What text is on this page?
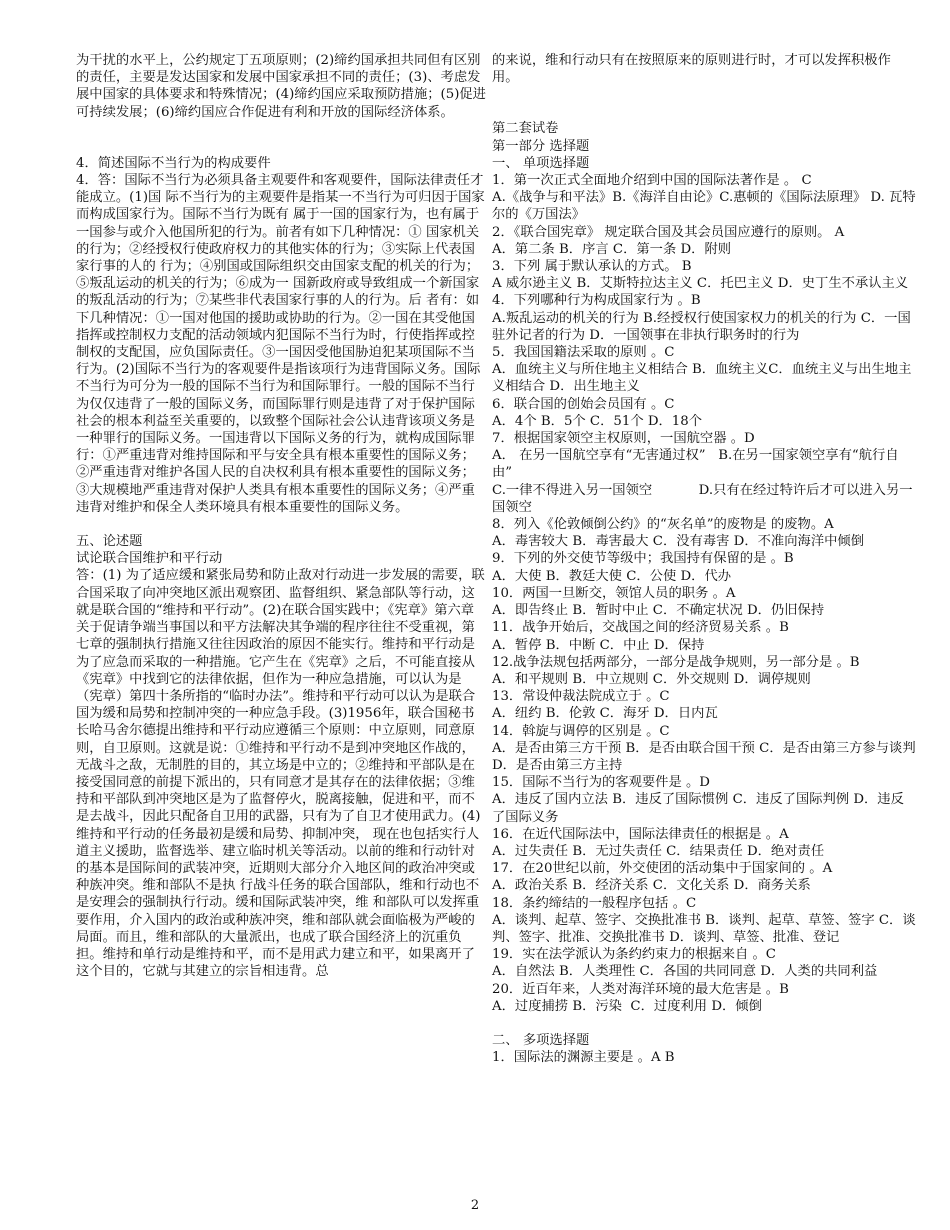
为干扰的水平上，公约规定丁五项原则；(2)缔约国承担共同但有区别的责任，主要是发达国家和发展中国家承担不同的责任；(3)、考虑发展中国家的具体要求和特殊情况；(4)缔约国应采取预防措施；(5)促进可持续发展；(6)缔约国应合作促进有利和开放的国际经济体系。

4．简述国际不当行为的构成要件

4．答：国际不当行为必须具备主观要件和客观要件，国际法律责任才能成立。(1)国 际不当行为的主观要件是指某一不当行为可归因于国家而构成国家行为。国际不当行为既有 属于一国的国家行为，也有属于一国参与或介入他国所犯的行为。前者有如下几种情况：① 国家机关的行为；②经授权行使政府权力的其他实体的行为；③实际上代表国家行事的人的 行为；④别国或国际组织交由国家支配的机关的行为；⑤叛乱运动的机关的行为；⑥成为一 国新政府或导致组成一个新国家的叛乱活动的行为；⑦某些非代表国家行事的人的行为。后 者有：如下几种情况：①一国对他国的援助或协助的行为。②一国在其受他国指挥或控制权力支配的活动领域内犯国际不当行为时，行使指挥或控制权的支配国，应负国际责任。③一国因受他国胁迫犯某项国际不当行为。(2)国际不当行为的客观要件是指该项行为违背国际义务。国际不当行为可分为一般的国际不当行为和国际罪行。一般的国际不当行为仅仅违背了一般的国际义务，而国际罪行则是违背了对于保护国际社会的根本利益至关重要的，以致整个国际社会公认违背该项义务是一种罪行的国际义务。一国违背以下国际义务的行为，就构成国际罪行：①严重违背对维持国际和平与安全具有根本重要性的国际义务；②严重违背对维护各国人民的自决权利具有根本重要性的国际义务；③大规模地严重违背对保护人类具有根本重要性的国际义务；④严重违背对维护和保全人类环境具有根本重要性的国际义务。

五、论述题

试论联合国维护和平行动

答：(1) 为了适应缓和紧张局势和防止敌对行动进一步发展的需要，联合国采取了向冲突地区派出观察团、监督组织、紧急部队等行动，这就是联合国的“维持和平行动”。(2)在联合国实践中；《宪章》第六章关于促请争端当事国以和平方法解决其争端的程序往往不受重视，第七章的强制执行措施又往往因政治的原因不能实行。维持和平行动是为了应急而采取的一种措施。它产生在《宪章》之后，不可能直接从《宪章》中找到它的法律依据，但作为一种应急措施，可以认为是（宪章）第四十条所指的“临时办法”。维持和平行动可以认为是联合国为缓和局势和控制冲突的一种应急手段。(3)1956年，联合国秘书长哈马舍尔德提出维持和平行动应遵循三个原则：中立原则，同意原则，自卫原则。这就是说：①维持和平行动不是到冲突地区作战的，无战斗之敌，无制胜的目的，其立场是中立的；②维持和平部队是在接受国同意的前提下派出的，只有同意才是其存在的法律依据；③维持和平部队到冲突地区是为了监督停火，脱离接触，促进和平，而不是去战斗，因此只配备自卫用的武器，只有为了自卫才使用武力。(4)维持和平行动的任务最初是缓和局势、抑制冲突， 现在也包括实行人道主义援助，监督选举、建立临时机关等活动。以前的维和行动针对的基本是国际间的武装冲突，近期则大部分介入地区间的政治冲突或种族冲突。维和部队不是执 行战斗任务的联合国部队，维和行动也不是安理会的强制执行行动。缓和国际武装冲突，维 和部队可以发挥重要作用，介入国内的政治或种族冲突，维和部队就会面临极为严峻的局面。而且，维和部队的大量派出，也成了联合国经济上的沉重负担。维持和单行动是维持和平，而不是用武力建立和平，如果离开了这个目的，它就与其建立的宗旨相违背。总

的来说，维和行动只有在按照原来的原则进行时，才可以发挥积极作用。

第二套试卷

第一部分 选择题

一、 单项选择题

1．第一次正式全面地介绍到中国的国际法著作是 。 C

A.《战争与和平法》B.《海洋自由论》C.惠顿的《国际法原理》 D. 瓦特尔的《万国法》

2．《联合国宪章》 规定联合国及其会员国应遵行的原则。 A

A．第二条 B．序言 C．第一条 D．附则

3．下列 属于默认承认的方式。 B

A 威尔逊主义 B．艾斯特拉达主义 C．托巴主义 D．史丁生不承认主义

4．下列哪种行为构成国家行为 。B

A.叛乱运动的机关的行为 B.经授权行使国家权力的机关的行为 C．一国驻外记者的行为 D．一国领事在非执行职务时的行为

5．我国国籍法采取的原则 。C

A．血统主义与所住地主义相结合 B．血统主义C．血统主义与出生地主义相结合 D．出生地主义

6．联合国的创始会员国有 。C

A．4个 B．5个 C．51个 D．18个

7．根据国家领空主权原则，一国航空器 。D

A． 在另一国航空享有“无害通过权”   B.在另一国家领空享有“航行自由”

C.一律不得进入另一国领空           D.只有在经过特许后才可以进入另一国领空

8．列入《伦敦倾倒公约》的“灰名单”的废物是 的废物。A

A．毒害较大 B．毒害最大 C．没有毒害 D．不准向海洋中倾倒

9．下列的外交使节等级中；我国持有保留的是 。B

A．大使 B．教廷大使 C．公使 D．代办

10．两国一旦断交，领馆人员的职务 。A

A．即告终止 B．暂时中止 C．不确定状况 D．仍旧保持

11．战争开始后，交战国之间的经济贸易关系 。B

A．暂停 B．中断 C．中止 D．保持

12.战争法规包括两部分，一部分是战争规则，另一部分是 。B

A．和平规则 B．中立规则 C．外交规则 D．调停规则

13．常设仲裁法院成立于 。C

A．纽约 B．伦敦 C．海牙 D．日内瓦

14．斡旋与调停的区别是 。C

A．是否由第三方干预 B．是否由联合国干预 C．是否由第三方参与谈判 D．是否由第三方主持

15．国际不当行为的客观要件是 。D

A．违反了国内立法 B．违反了国际惯例 C．违反了国际判例 D．违反了国际义务

16．在近代国际法中，国际法律责任的根据是 。A

A．过失责任 B．无过失责任 C．结果责任 D．绝对责任

17．在20世纪以前，外交使团的活动集中于国家间的 。A

A．政治关系 B．经济关系 C．文化关系 D．商务关系

18．条约缔结的一般程序包括 。C

A．谈判、起草、签字、交换批准书 B．谈判、起草、草签、签字 C．谈判、签字、批准、交换批准书 D．谈判、草签、批准、登记

19．实在法学派认为条约约束力的根据来自 。C

A．自然法 B．人类理性 C．各国的共同同意 D．人类的共同利益

20．近百年来，人类对海洋环境的最大危害是 。B

A．过度捕捞 B．污染  C．过度利用 D．倾倒

二、 多项选择题

1．国际法的渊源主要是 。A B

2
